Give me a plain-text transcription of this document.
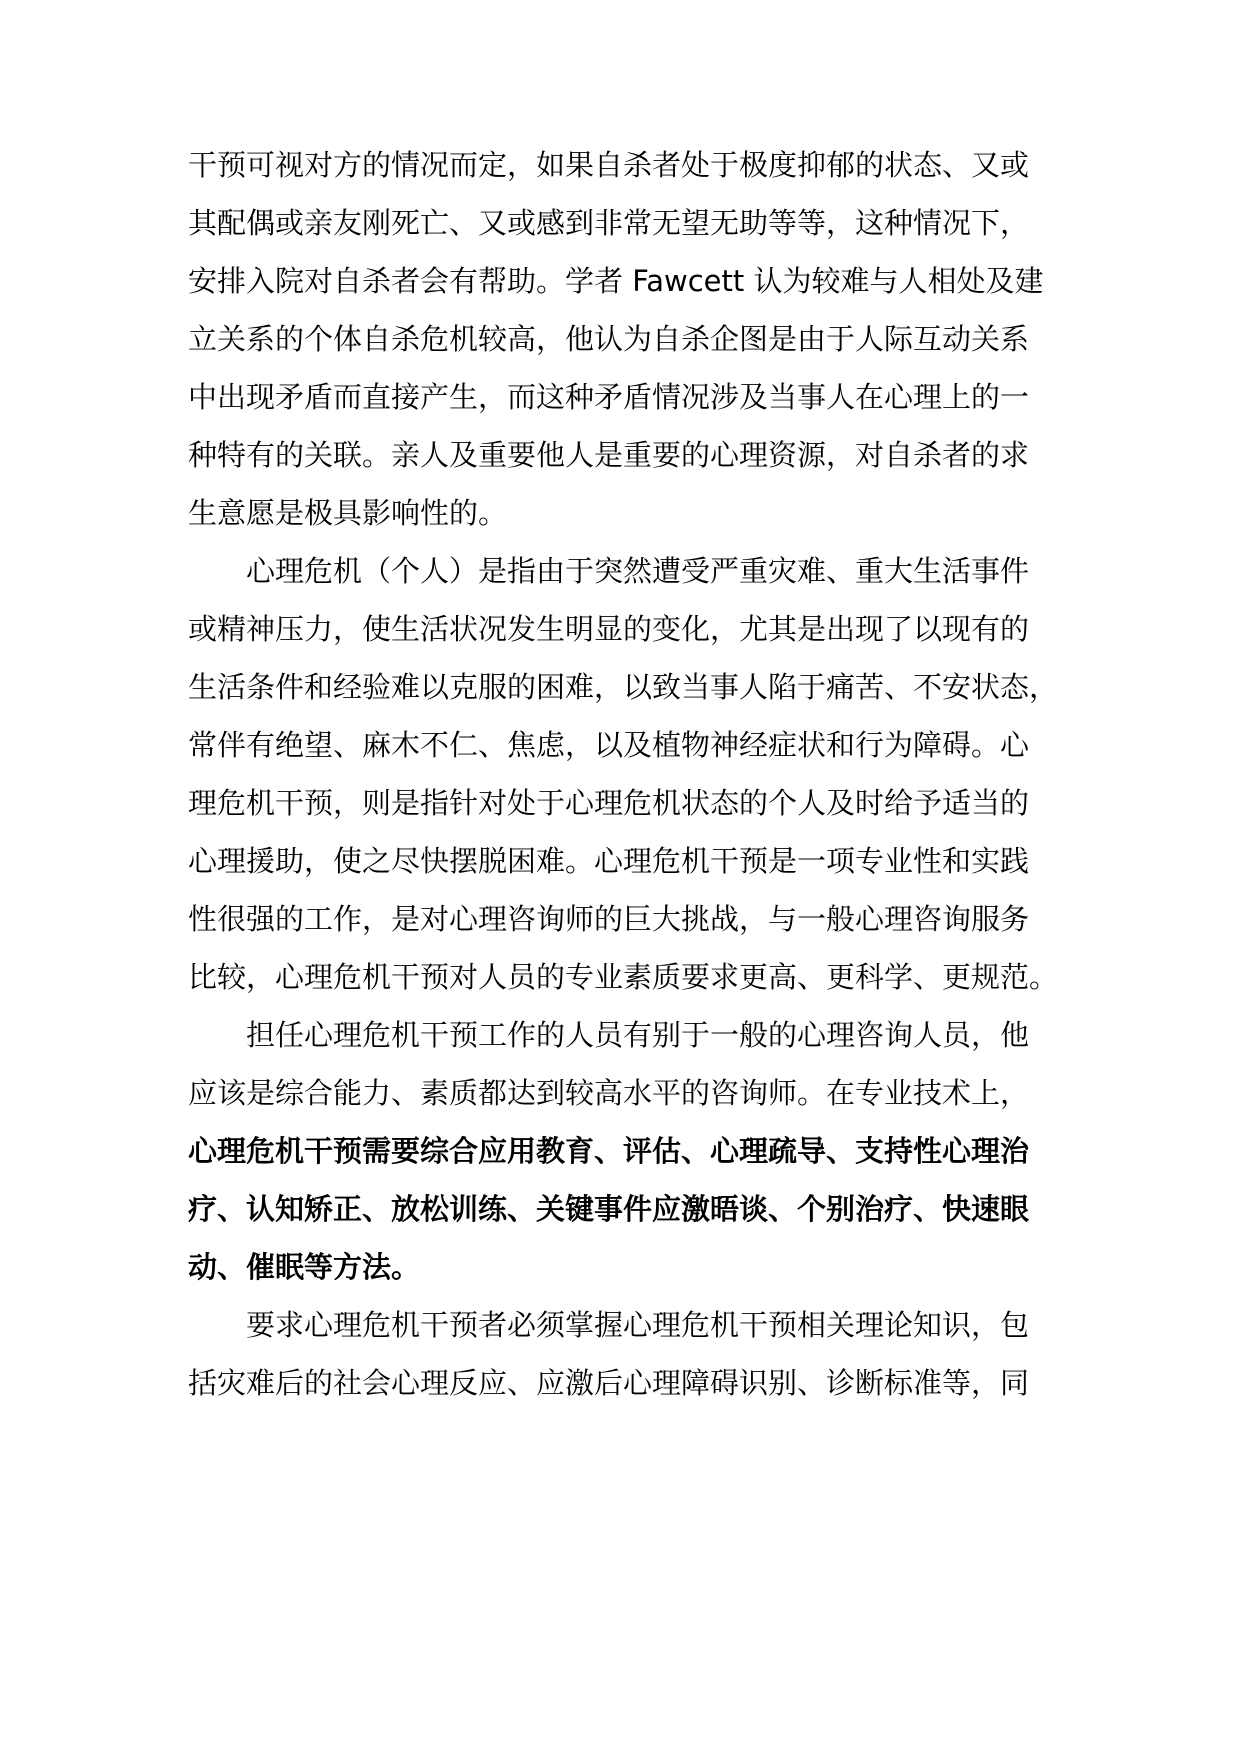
干预可视对方的情况而定，如果自杀者处于极度抑郁的状态、又或
其配偶或亲友刚死亡、又或感到非常无望无助等等，这种情况下，
安排入院对自杀者会有帮助。学者 Fawcett 认为较难与人相处及建
立关系的个体自杀危机较高，他认为自杀企图是由于人际互动关系
中出现矛盾而直接产生，而这种矛盾情况涉及当事人在心理上的一
种特有的关联。亲人及重要他人是重要的心理资源，对自杀者的求
生意愿是极具影响性的。
心理危机（个人）是指由于突然遭受严重灾难、重大生活事件
或精神压力，使生活状况发生明显的变化，尤其是出现了以现有的
生活条件和经验难以克服的困难，以致当事人陷于痛苦、不安状态，
常伴有绝望、麻木不仁、焦虑，以及植物神经症状和行为障碍。心
理危机干预，则是指针对处于心理危机状态的个人及时给予适当的
心理援助，使之尽快摆脱困难。心理危机干预是一项专业性和实践
性很强的工作，是对心理咨询师的巨大挑战，与一般心理咨询服务
比较，心理危机干预对人员的专业素质要求更高、更科学、更规范。
担任心理危机干预工作的人员有别于一般的心理咨询人员，他
应该是综合能力、素质都达到较高水平的咨询师。在专业技术上，
心理危机干预需要综合应用教育、评估、心理疏导、支持性心理治
疗、认知矫正、放松训练、关键事件应激晤谈、个别治疗、快速眼
动、催眠等方法。
要求心理危机干预者必须掌握心理危机干预相关理论知识，包
括灾难后的社会心理反应、应激后心理障碍识别、诊断标准等，同
